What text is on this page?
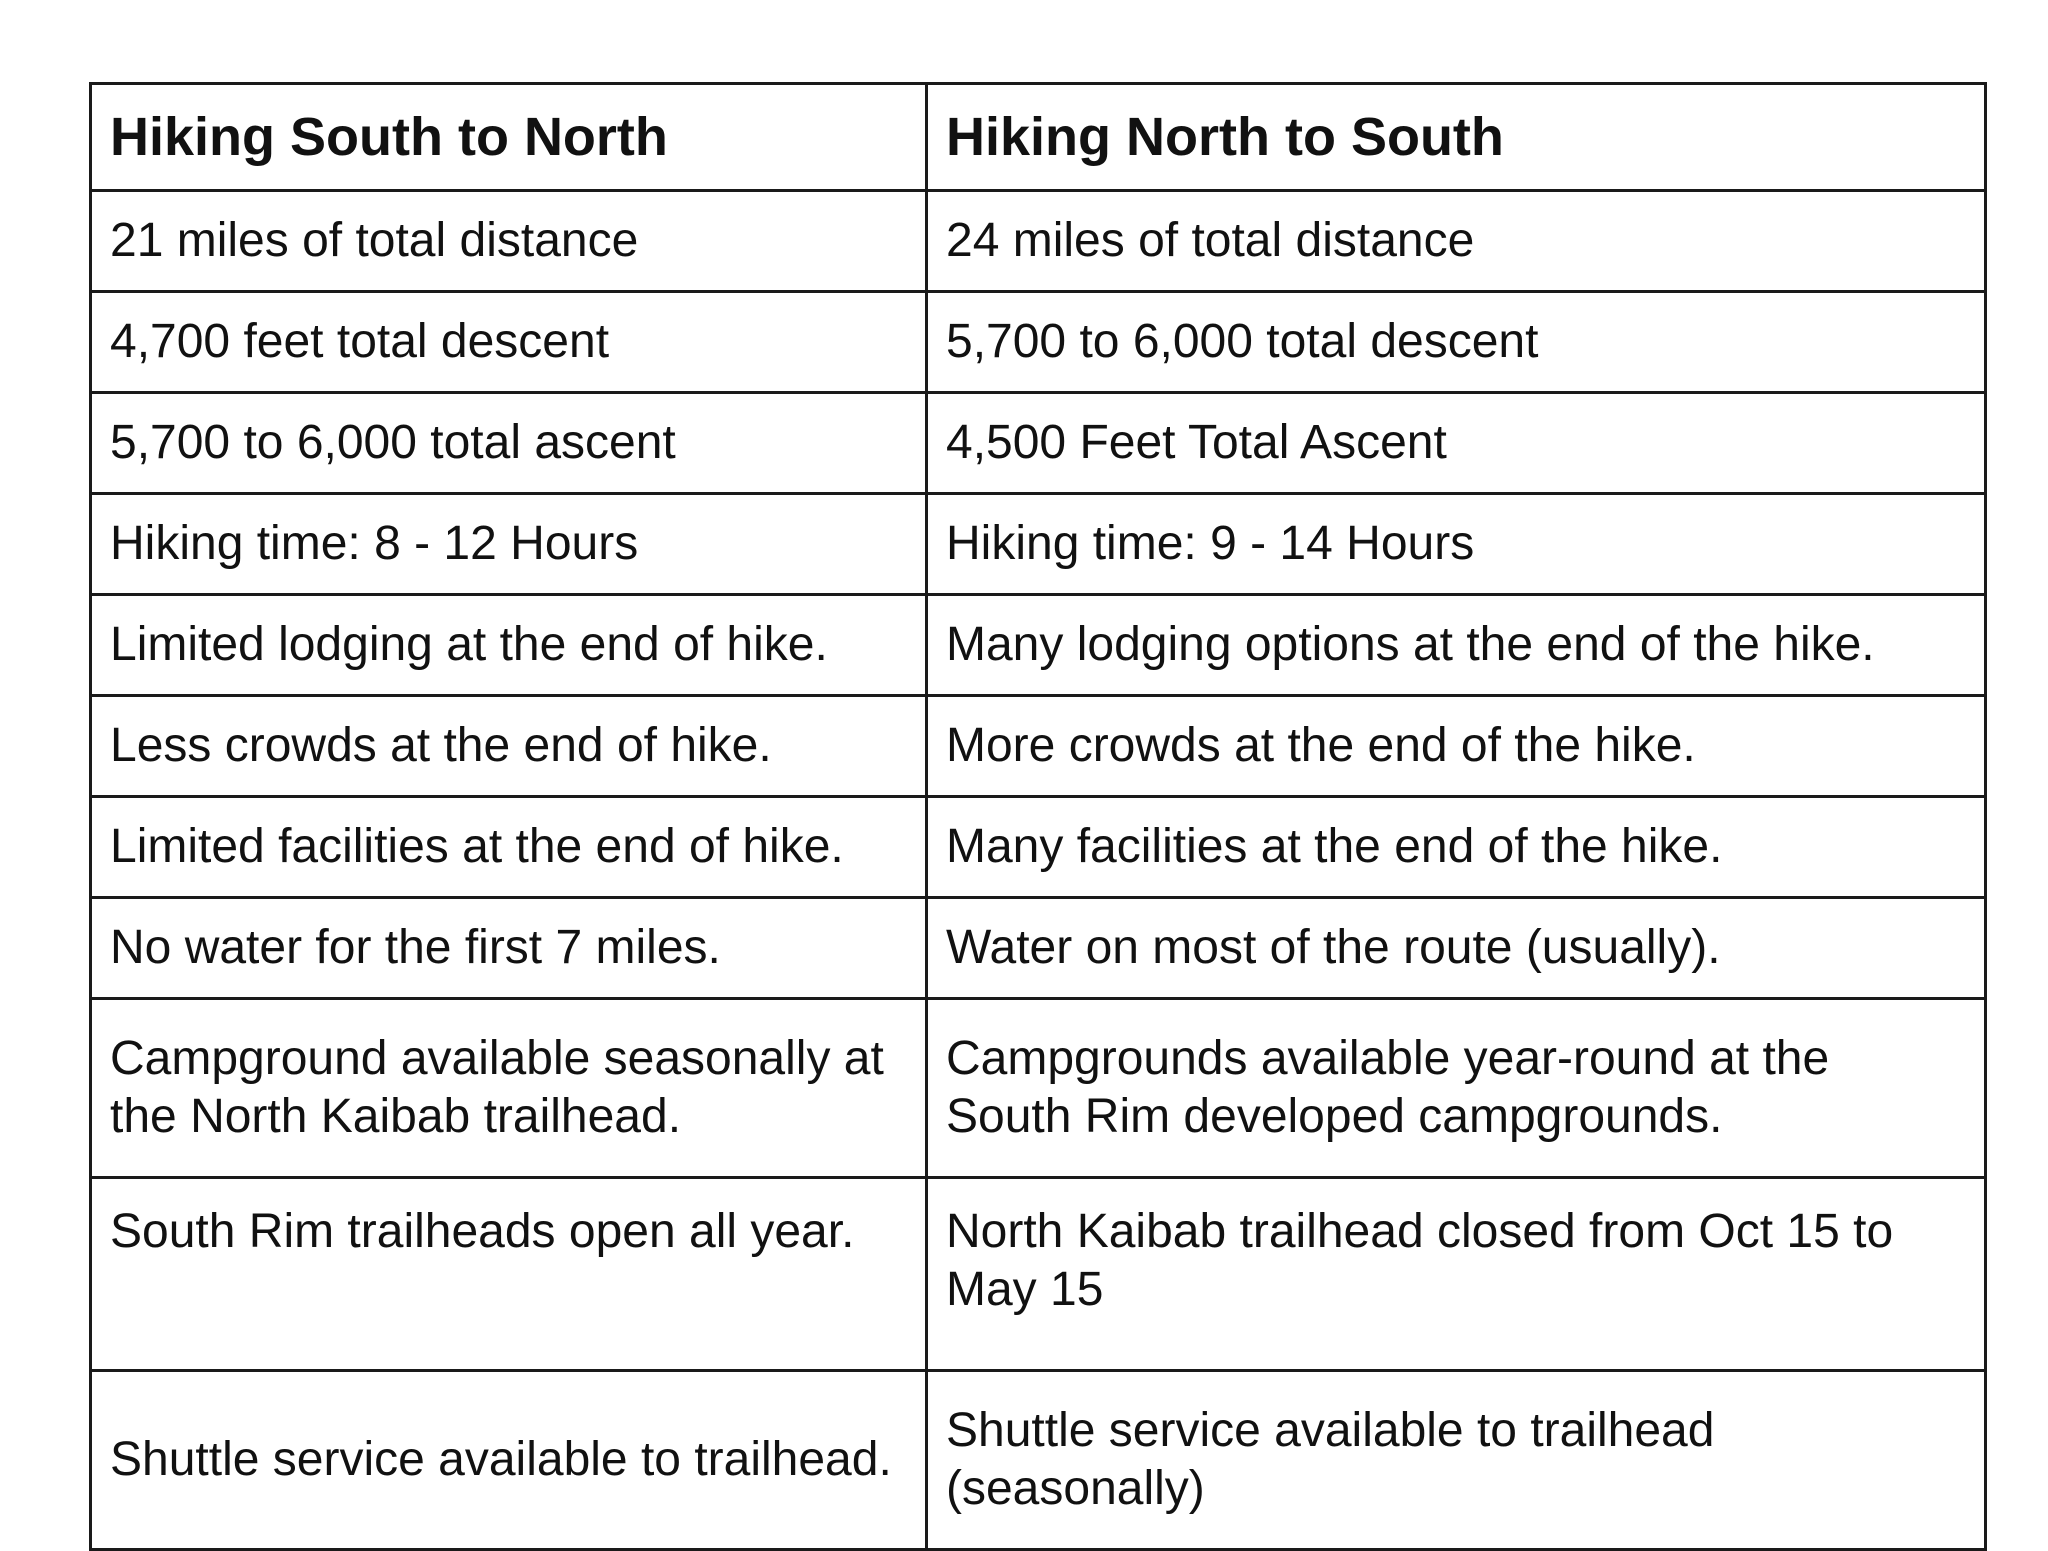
Hiking South to North	Hiking North to South
21 miles of total distance	24 miles of total distance
4,700 feet total descent	5,700 to 6,000 total descent
5,700 to 6,000 total ascent	4,500 Feet Total Ascent
Hiking time: 8 - 12 Hours	Hiking time: 9 - 14 Hours
Limited lodging at the end of hike.	Many lodging options at the end of the hike.
Less crowds at the end of hike.	More crowds at the end of the hike.
Limited facilities at the end of hike.	Many facilities at the end of the hike.
No water for the first 7 miles.	Water on most of the route (usually).
Campground available seasonally at the North Kaibab trailhead.	Campgrounds available year-round at the South Rim developed campgrounds.
South Rim trailheads open all year.	North Kaibab trailhead closed from Oct 15 to May 15
Shuttle service available to trailhead.	Shuttle service available to trailhead (seasonally)
